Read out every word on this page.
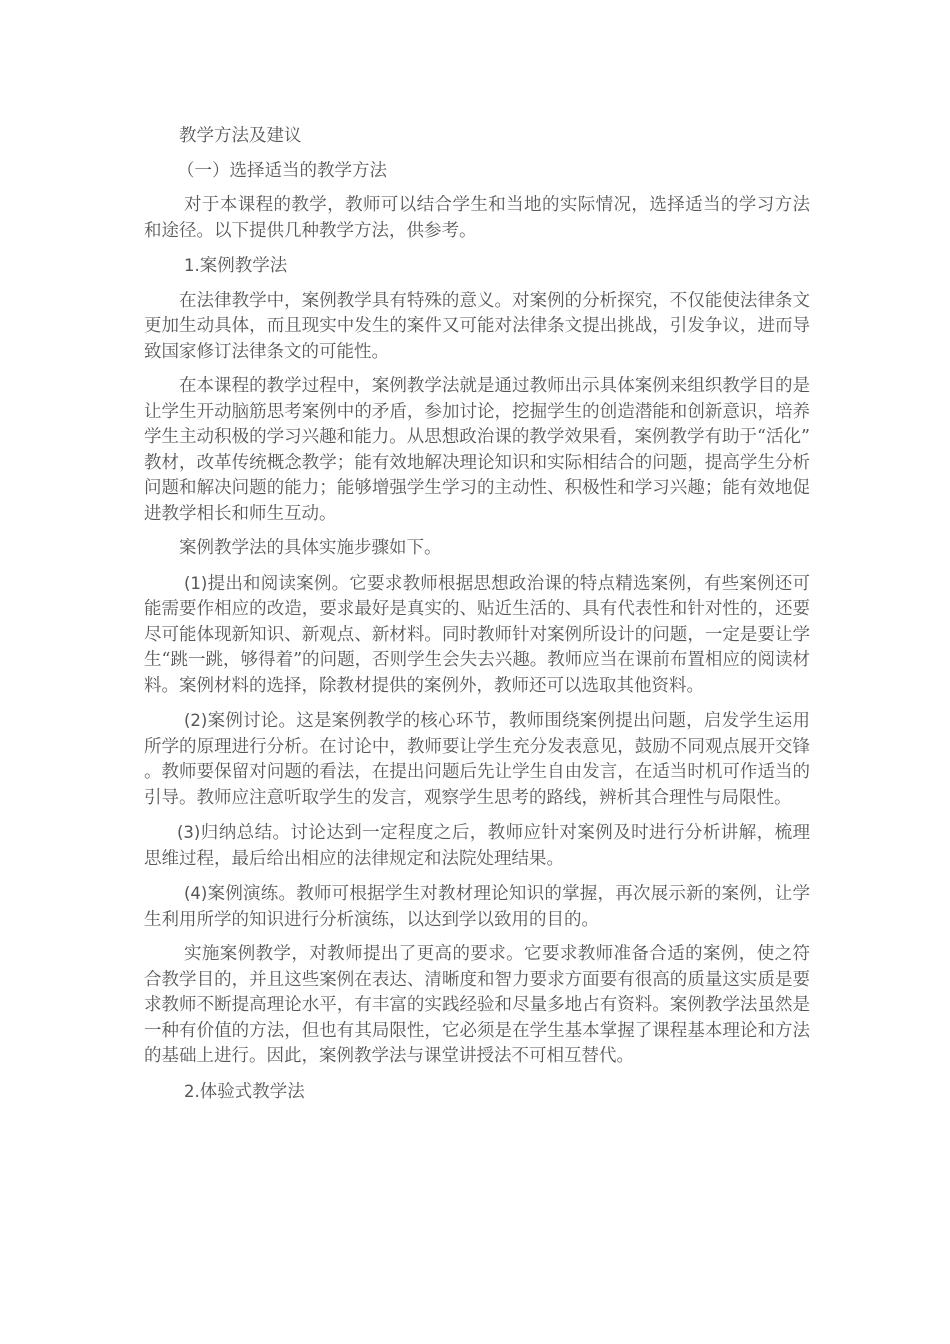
教学方法及建议

（一）选择适当的教学方法

对于本课程的教学，教师可以结合学生和当地的实际情况，选择适当的学习方法和途径。以下提供几种教学方法，供参考。

1.案例教学法

在法律教学中，案例教学具有特殊的意义。对案例的分析探究，不仅能使法律条文更加生动具体，而且现实中发生的案件又可能对法律条文提出挑战，引发争议，进而导致国家修订法律条文的可能性。

在本课程的教学过程中，案例教学法就是通过教师出示具体案例来组织教学目的是让学生开动脑筋思考案例中的矛盾，参加讨论，挖掘学生的创造潜能和创新意识，培养学生主动积极的学习兴趣和能力。从思想政治课的教学效果看，案例教学有助于“活化”教材，改革传统概念教学；能有效地解决理论知识和实际相结合的问题，提高学生分析问题和解决问题的能力；能够增强学生学习的主动性、积极性和学习兴趣；能有效地促进教学相长和师生互动。

案例教学法的具体实施步骤如下。

(1)提出和阅读案例。它要求教师根据思想政治课的特点精选案例，有些案例还可能需要作相应的改造，要求最好是真实的、贴近生活的、具有代表性和针对性的，还要尽可能体现新知识、新观点、新材料。同时教师针对案例所设计的问题，一定是要让学生“跳一跳，够得着”的问题，否则学生会失去兴趣。教师应当在课前布置相应的阅读材料。案例材料的选择，除教材提供的案例外，教师还可以选取其他资料。

(2)案例讨论。这是案例教学的核心环节，教师围绕案例提出问题，启发学生运用所学的原理进行分析。在讨论中，教师要让学生充分发表意见，鼓励不同观点展开交锋。教师要保留对问题的看法，在提出问题后先让学生自由发言，在适当时机可作适当的引导。教师应注意听取学生的发言，观察学生思考的路线，辨析其合理性与局限性。

(3)归纳总结。讨论达到一定程度之后，教师应针对案例及时进行分析讲解，梳理思维过程，最后给出相应的法律规定和法院处理结果。

(4)案例演练。教师可根据学生对教材理论知识的掌握，再次展示新的案例，让学生利用所学的知识进行分析演练，以达到学以致用的目的。

实施案例教学，对教师提出了更高的要求。它要求教师准备合适的案例，使之符合教学目的，并且这些案例在表达、清晰度和智力要求方面要有很高的质量这实质是要求教师不断提高理论水平，有丰富的实践经验和尽量多地占有资料。案例教学法虽然是一种有价值的方法，但也有其局限性，它必须是在学生基本掌握了课程基本理论和方法的基础上进行。因此，案例教学法与课堂讲授法不可相互替代。

2.体验式教学法
